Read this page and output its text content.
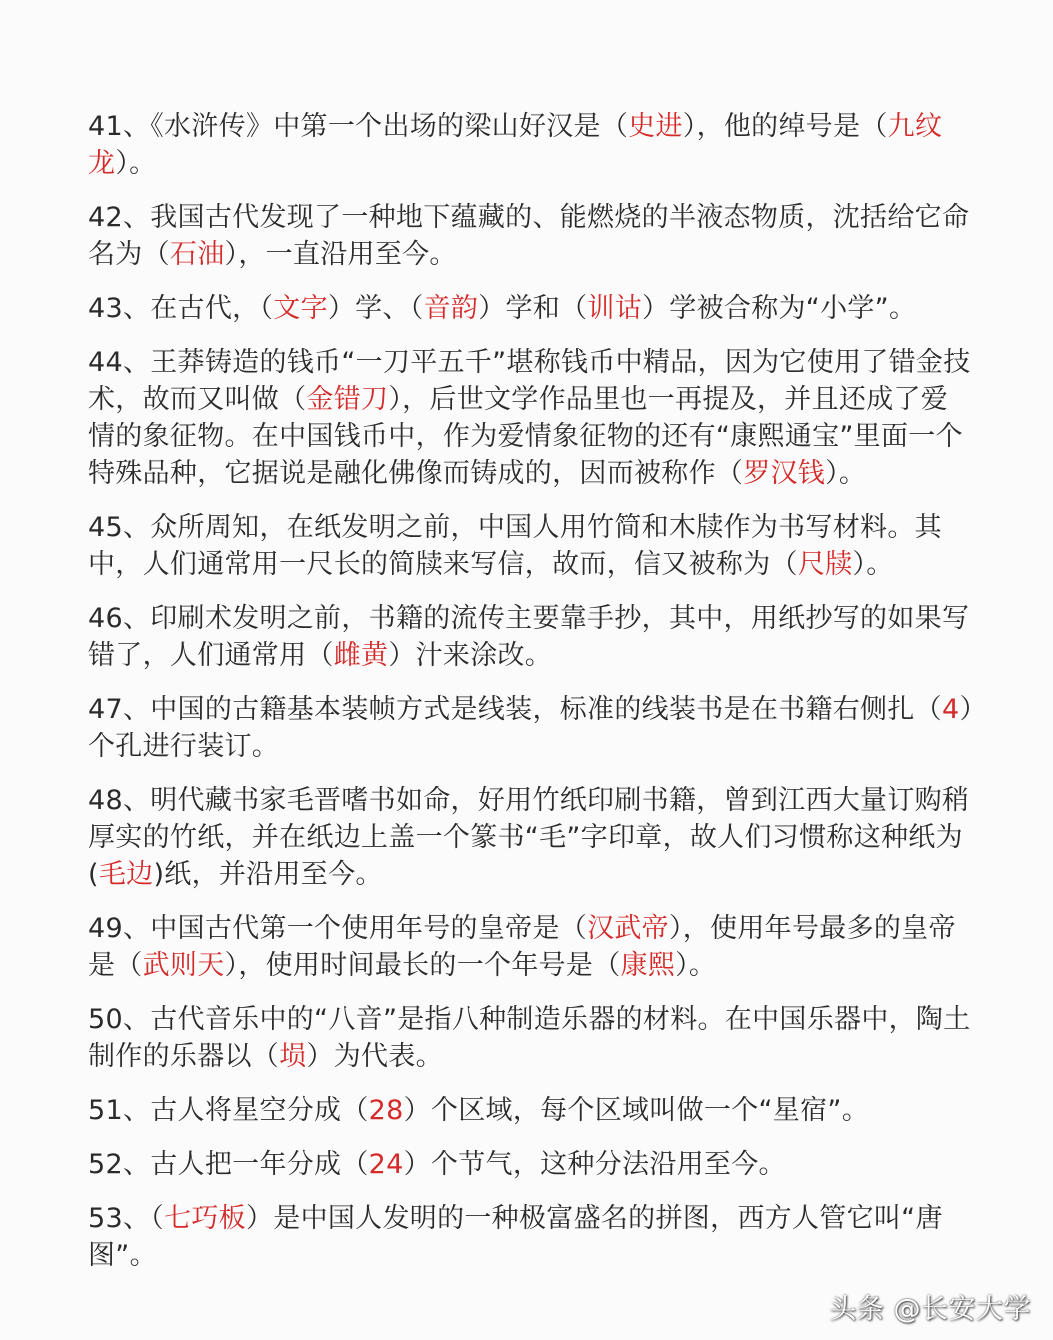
41、《水浒传》中第一个出场的梁山好汉是（史进），他的绰号是（九纹龙）。
42、我国古代发现了一种地下蕴藏的、能燃烧的半液态物质，沈括给它命名为（石油），一直沿用至今。
43、在古代，（文字）学、（音韵）学和（训诂）学被合称为“小学”。
44、王莽铸造的钱币“一刀平五千”堪称钱币中精品，因为它使用了错金技术，故而又叫做（金错刀），后世文学作品里也一再提及，并且还成了爱情的象征物。在中国钱币中，作为爱情象征物的还有“康熙通宝”里面一个特殊品种，它据说是融化佛像而铸成的，因而被称作（罗汉钱）。
45、众所周知，在纸发明之前，中国人用竹简和木牍作为书写材料。其中，人们通常用一尺长的简牍来写信，故而，信又被称为（尺牍）。
46、印刷术发明之前，书籍的流传主要靠手抄，其中，用纸抄写的如果写错了，人们通常用（雌黄）汁来涂改。
47、中国的古籍基本装帧方式是线装，标准的线装书是在书籍右侧扎（4）个孔进行装订。
48、明代藏书家毛晋嗜书如命，好用竹纸印刷书籍，曾到江西大量订购稍厚实的竹纸，并在纸边上盖一个篆书“毛”字印章，故人们习惯称这种纸为(毛边)纸，并沿用至今。
49、中国古代第一个使用年号的皇帝是（汉武帝），使用年号最多的皇帝是（武则天），使用时间最长的一个年号是（康熙）。
50、古代音乐中的“八音”是指八种制造乐器的材料。在中国乐器中，陶土制作的乐器以（埙）为代表。
51、古人将星空分成（28）个区域，每个区域叫做一个“星宿”。
52、古人把一年分成（24）个节气，这种分法沿用至今。
53、（七巧板）是中国人发明的一种极富盛名的拼图，西方人管它叫“唐图”。
头条 @长安大学
